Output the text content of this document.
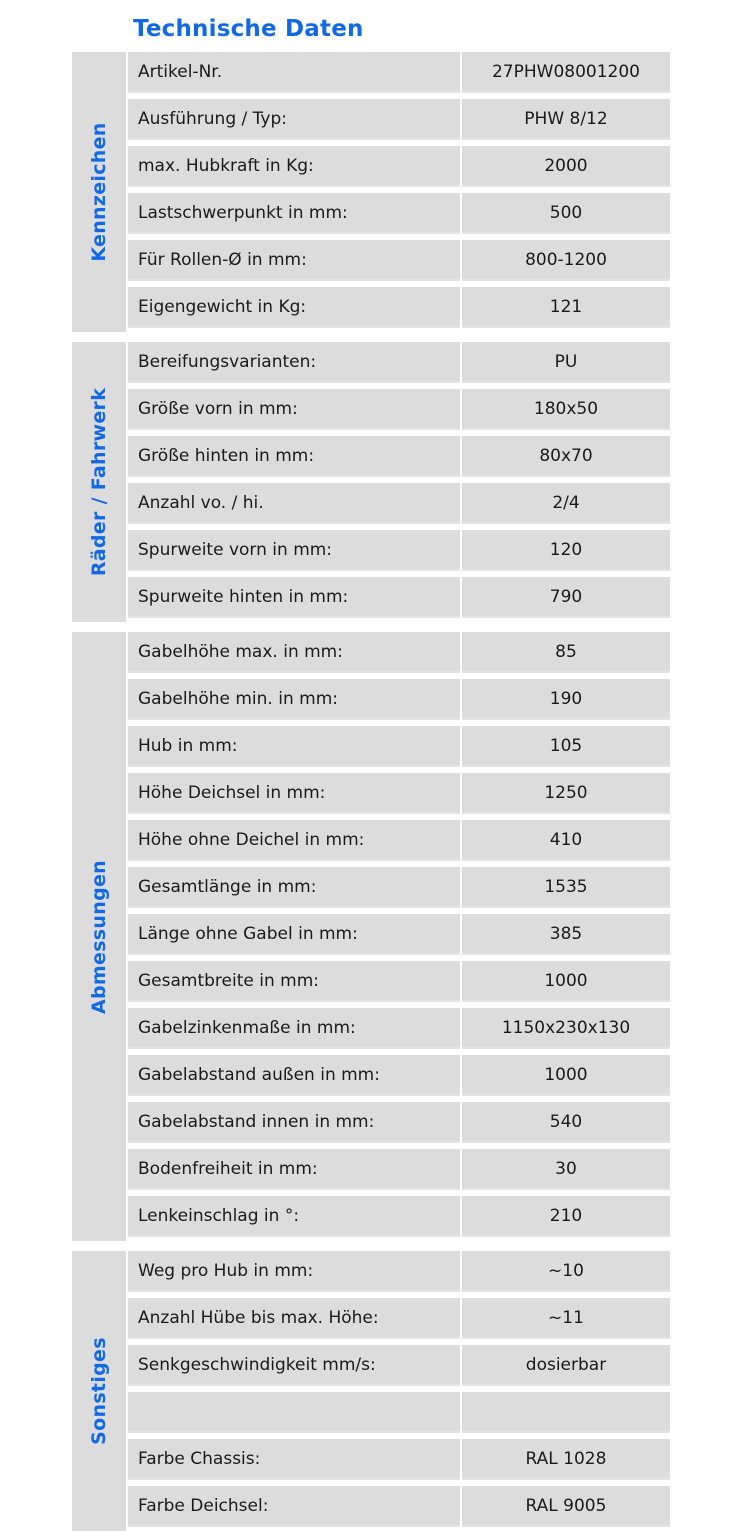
Technische Daten
Kennzeichen
Artikel-Nr.	27PHW08001200
Ausführung / Typ:	PHW 8/12
max. Hubkraft in Kg:	2000
Lastschwerpunkt in mm:	500
Für Rollen-Ø in mm:	800-1200
Eigengewicht in Kg:	121
Räder / Fahrwerk
Bereifungsvarianten:	PU
Größe vorn in mm:	180x50
Größe hinten in mm:	80x70
Anzahl vo. / hi.	2/4
Spurweite vorn in mm:	120
Spurweite hinten in mm:	790
Abmessungen
Gabelhöhe max. in mm:	85
Gabelhöhe min. in mm:	190
Hub in mm:	105
Höhe Deichsel in mm:	1250
Höhe ohne Deichel in mm:	410
Gesamtlänge in mm:	1535
Länge ohne Gabel in mm:	385
Gesamtbreite in mm:	1000
Gabelzinkenmaße in mm:	1150x230x130
Gabelabstand außen in mm:	1000
Gabelabstand innen in mm:	540
Bodenfreiheit in mm:	30
Lenkeinschlag in °:	210
Sonstiges
Weg pro Hub in mm:	~10
Anzahl Hübe bis max. Höhe:	~11
Senkgeschwindigkeit mm/s:	dosierbar
Farbe Chassis:	RAL 1028
Farbe Deichsel:	RAL 9005
